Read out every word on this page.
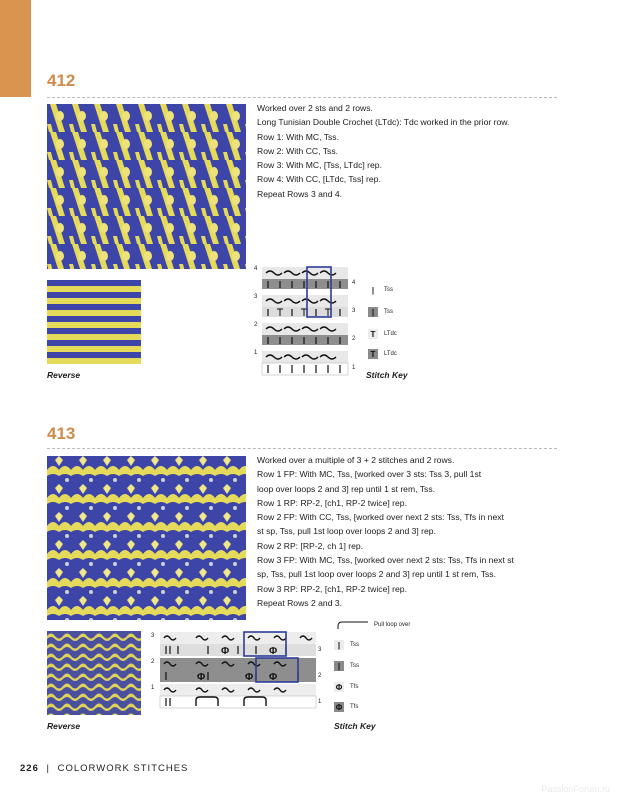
412

Worked over 2 sts and 2 rows.

Long Tunisian Double Crochet (LTdc): Tdc worked in the prior row.

Row 1: With MC, Tss.

Row 2: With CC, Tss.

Row 3: With MC, [Tss, LTdc] rep.

Row 4: With CC, [LTdc, Tss] rep.

Repeat Rows 3 and 4.

Reverse
4
3
2
1
4
3
2
1
|	Tss
|	Tss
T	LTdc
T	LTdc
Stitch Key
413

Worked over a multiple of 3 + 2 stitches and 2 rows.

Row 1 FP: With MC, Tss, [worked over 3 sts: Tss 3, pull 1st

loop over loops 2 and 3] rep until 1 st rem, Tss.

Row 1 RP: RP-2, [ch1, RP-2 twice] rep.

Row 2 FP: With CC, Tss, [worked over next 2 sts: Tss, Tfs in next

st sp, Tss, pull 1st loop over loops 2 and 3] rep.

Row 2 RP: [RP-2, ch 1] rep.

Row 3 FP: With MC, Tss, [worked over next 2 sts: Tss, Tfs in next st

sp, Tss, pull 1st loop over loops 2 and 3] rep until 1 st rem, Tss.

Row 3 RP: RP-2, [ch1, RP-2 twice] rep.

Repeat Rows 2 and 3.

Reverse
Φ	Φ
Φ	Φ Φ
3
2
1
3
2
1
Pull loop over
|	Tss
|	Tss
Φ Tfs
Φ Tfs
Stitch Key
226 | COLORWORK STITCHES
PassionForum.ru
